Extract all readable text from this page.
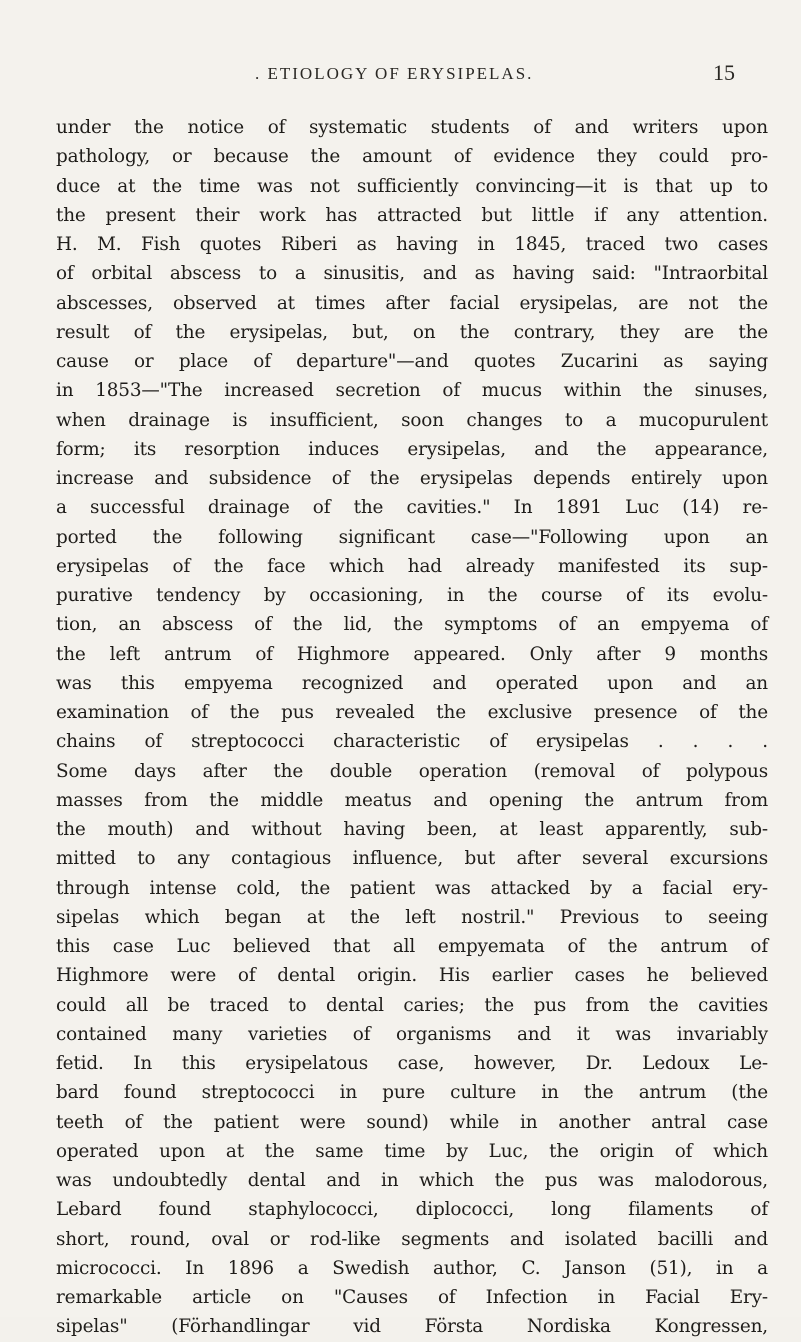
. ETIOLOGY OF ERYSIPELAS.	15
under the notice of systematic students of and writers upon
pathology, or because the amount of evidence they could pro-
duce at the time was not sufficiently convincing—it is that up to
the present their work has attracted but little if any attention.
H. M. Fish quotes Riberi as having in 1845, traced two cases
of orbital abscess to a sinusitis, and as having said: "Intraorbital
abscesses, observed at times after facial erysipelas, are not the
result of the erysipelas, but, on the contrary, they are the
cause or place of departure"—and quotes Zucarini as saying
in 1853—"The increased secretion of mucus within the sinuses,
when drainage is insufficient, soon changes to a mucopurulent
form; its resorption induces erysipelas, and the appearance,
increase and subsidence of the erysipelas depends entirely upon
a successful drainage of the cavities." In 1891 Luc (14) re-
ported the following significant case—"Following upon an
erysipelas of the face which had already manifested its sup-
purative tendency by occasioning, in the course of its evolu-
tion, an abscess of the lid, the symptoms of an empyema of
the left antrum of Highmore appeared. Only after 9 months
was this empyema recognized and operated upon and an
examination of the pus revealed the exclusive presence of the
chains of streptococci characteristic of erysipelas . . . .
Some days after the double operation (removal of polypous
masses from the middle meatus and opening the antrum from
the mouth) and without having been, at least apparently, sub-
mitted to any contagious influence, but after several excursions
through intense cold, the patient was attacked by a facial ery-
sipelas which began at the left nostril." Previous to seeing
this case Luc believed that all empyemata of the antrum of
Highmore were of dental origin. His earlier cases he believed
could all be traced to dental caries; the pus from the cavities
contained many varieties of organisms and it was invariably
fetid. In this erysipelatous case, however, Dr. Ledoux Le-
bard found streptococci in pure culture in the antrum (the
teeth of the patient were sound) while in another antral case
operated upon at the same time by Luc, the origin of which
was undoubtedly dental and in which the pus was malodorous,
Lebard found staphylococci, diplococci, long filaments of
short, round, oval or rod-like segments and isolated bacilli and
micrococci. In 1896 a Swedish author, C. Janson (51), in a
remarkable article on "Causes of Infection in Facial Ery-
sipelas" (Förhandlingar vid Första Nordiska Kongressen,
